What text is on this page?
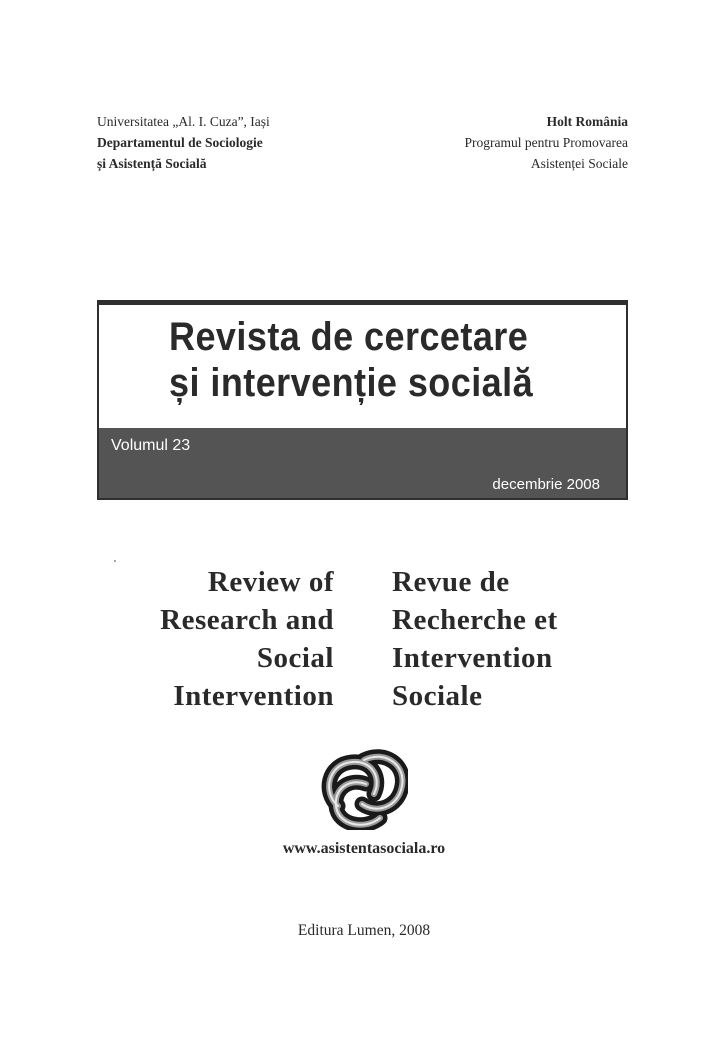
Universitatea „Al. I. Cuza”, Iași
Departamentul de Sociologie
și Asistență Socială
Holt România
Programul pentru Promovarea
Asistenței Sociale
Revista de cercetare
și intervenție socială
Volumul 23
decembrie 2008
Review of
Research and
Social
Intervention
Revue de
Recherche et
Intervention
Sociale
www.asistentasociala.ro
Editura Lumen, 2008
